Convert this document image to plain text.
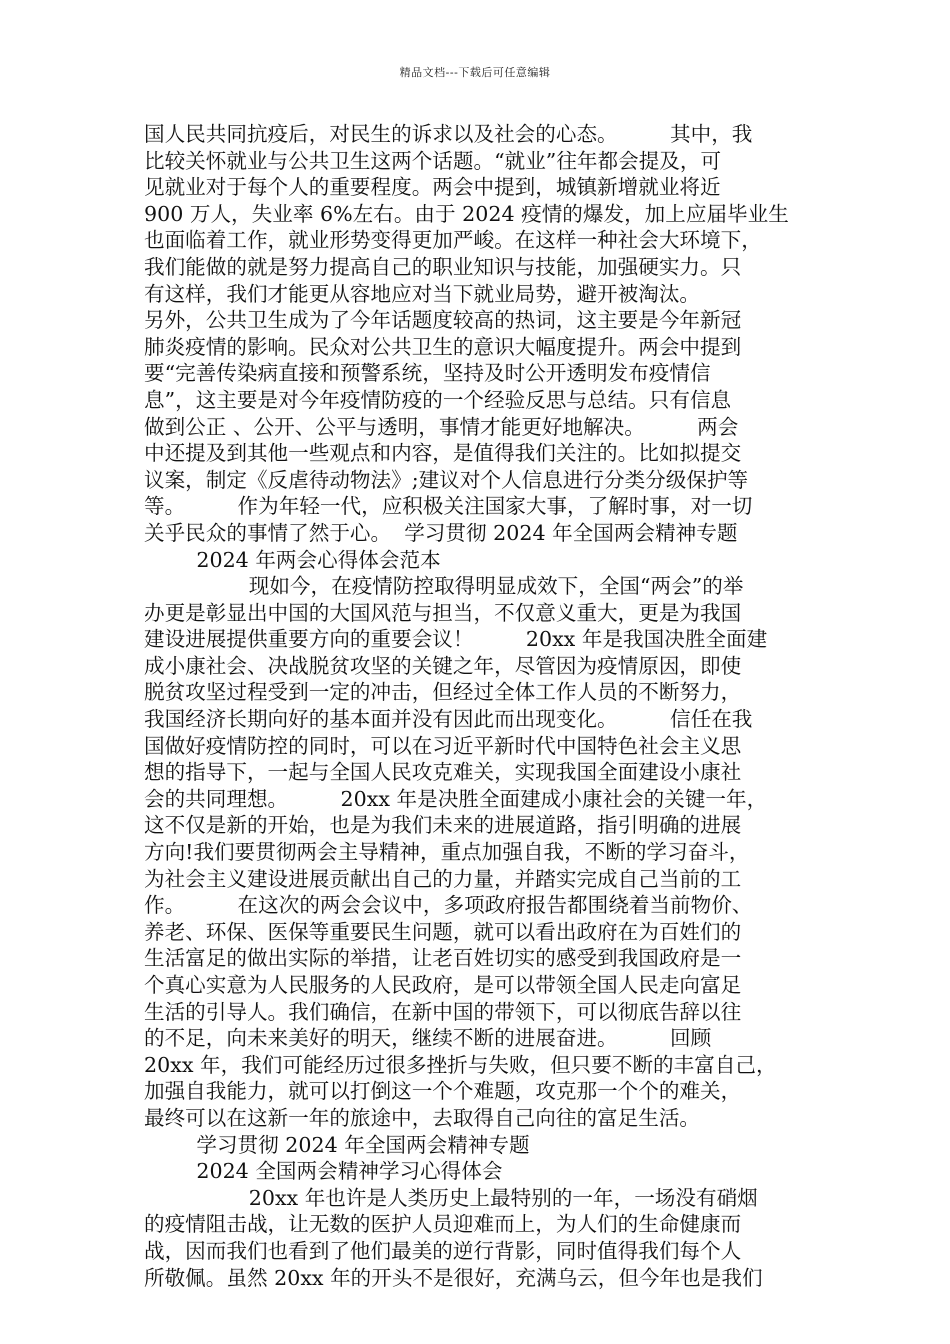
精品文档---下载后可任意编辑
国人民共同抗疫后，对民生的诉求以及社会的心态。        其中，我
比较关怀就业与公共卫生这两个话题。“就业”往年都会提及，可
见就业对于每个人的重要程度。两会中提到，城镇新增就业将近
900 万人，失业率 6%左右。由于 2024 疫情的爆发，加上应届毕业生
也面临着工作，就业形势变得更加严峻。在这样一种社会大环境下，
我们能做的就是努力提高自己的职业知识与技能，加强硬实力。只
有这样，我们才能更从容地应对当下就业局势，避开被淘汰。
另外，公共卫生成为了今年话题度较高的热词，这主要是今年新冠
肺炎疫情的影响。民众对公共卫生的意识大幅度提升。两会中提到
要“完善传染病直接和预警系统，坚持及时公开透明发布疫情信
息”，这主要是对今年疫情防疫的一个经验反思与总结。只有信息
做到公正 、公开、公平与透明，事情才能更好地解决。        两会
中还提及到其他一些观点和内容，是值得我们关注的。比如拟提交
议案，制定《反虐待动物法》;建议对个人信息进行分类分级保护等
等。        作为年轻一代，应积极关注国家大事，了解时事，对一切
关乎民众的事情了然于心。  学习贯彻 2024 年全国两会精神专题
2024 年两会心得体会范本
现如今，在疫情防控取得明显成效下，全国“两会”的举
办更是彰显出中国的大国风范与担当，不仅意义重大，更是为我国
建设进展提供重要方向的重要会议！        20xx 年是我国决胜全面建
成小康社会、决战脱贫攻坚的关键之年，尽管因为疫情原因，即使
脱贫攻坚过程受到一定的冲击，但经过全体工作人员的不断努力，
我国经济长期向好的基本面并没有因此而出现变化。        信任在我
国做好疫情防控的同时，可以在习近平新时代中国特色社会主义思
想的指导下，一起与全国人民攻克难关，实现我国全面建设小康社
会的共同理想。        20xx 年是决胜全面建成小康社会的关键一年，
这不仅是新的开始，也是为我们未来的进展道路，指引明确的进展
方向!我们要贯彻两会主导精神，重点加强自我，不断的学习奋斗，
为社会主义建设进展贡献出自己的力量，并踏实完成自己当前的工
作。        在这次的两会会议中，多项政府报告都围绕着当前物价、
养老、环保、医保等重要民生问题，就可以看出政府在为百姓们的
生活富足的做出实际的举措，让老百姓切实的感受到我国政府是一
个真心实意为人民服务的人民政府，是可以带领全国人民走向富足
生活的引导人。我们确信，在新中国的带领下，可以彻底告辞以往
的不足，向未来美好的明天，继续不断的进展奋进。        回顾
20xx 年，我们可能经历过很多挫折与失败，但只要不断的丰富自己，
加强自我能力，就可以打倒这一个个难题，攻克那一个个的难关，
最终可以在这新一年的旅途中，去取得自己向往的富足生活。
学习贯彻 2024 年全国两会精神专题
2024 全国两会精神学习心得体会
20xx 年也许是人类历史上最特别的一年，一场没有硝烟
的疫情阻击战，让无数的医护人员迎难而上，为人们的生命健康而
战，因而我们也看到了他们最美的逆行背影，同时值得我们每个人
所敬佩。虽然 20xx 年的开头不是很好，充满乌云，但今年也是我们
